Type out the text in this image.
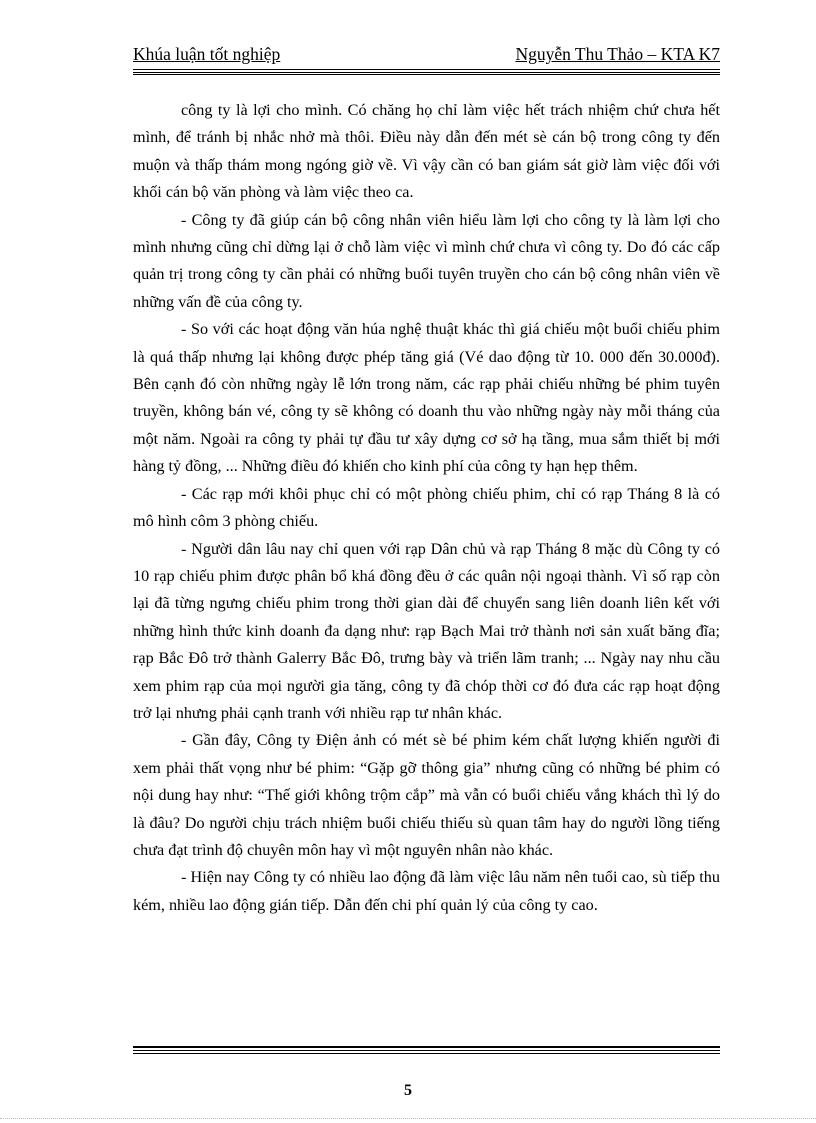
Khúa luận tốt nghiệp	Nguyễn Thu Thảo – KTA K7

công ty là lợi cho mình. Có chăng họ chỉ làm việc hết trách nhiệm chứ chưa hết mình, để tránh bị nhắc nhở mà thôi. Điều này dẫn đến mét sè cán bộ trong công ty đến muộn và thấp thám mong ngóng giờ về. Vì vậy cần có ban giám sát giờ làm việc đối với khối cán bộ văn phòng và làm việc theo ca.

- Công ty đã giúp cán bộ công nhân viên hiểu làm lợi cho công ty là làm lợi cho mình nhưng cũng chỉ dừng lại ở chỗ làm việc vì mình chứ chưa vì công ty. Do đó các cấp quản trị trong công ty cần phải có những buổi tuyên truyền cho cán bộ công nhân viên về những vấn đề của công ty.

- So với các hoạt động văn húa nghệ thuật khác thì giá chiếu một buổi chiếu phim là quá thấp nhưng lại không được phép tăng giá (Vé dao động từ 10. 000 đến 30.000đ). Bên cạnh đó còn những ngày lễ lớn trong năm, các rạp phải chiếu những bé phim tuyên truyền, không bán vé, công ty sẽ không có doanh thu vào những ngày này mỗi tháng của một năm. Ngoài ra công ty phải tự đầu tư xây dựng cơ sở hạ tầng, mua sắm thiết bị mới hàng tỷ đồng, ... Những điều đó khiến cho kinh phí của công ty hạn hẹp thêm.

- Các rạp mới khôi phục chỉ có một phòng chiếu phim, chỉ có rạp Tháng 8 là có mô hình côm 3 phòng chiếu.

- Người dân lâu nay chỉ quen với rạp Dân chủ và rạp Tháng 8 mặc dù Công ty có 10 rạp chiếu phim được phân bổ khá đồng đều ở các quân nội ngoại thành. Vì số rạp còn lại đã từng ngưng chiếu phim trong thời gian dài để chuyển sang liên doanh liên kết với những hình thức kinh doanh đa dạng như: rạp Bạch Mai trở thành nơi sản xuất băng đĩa; rạp Bắc Đô trở thành Galerry Bắc Đô, trưng bày và triển lãm tranh; ... Ngày nay nhu cầu xem phim rạp của mọi người gia tăng, công ty đã chóp thời cơ đó đưa các rạp hoạt động trở lại nhưng phải cạnh tranh với nhiều rạp tư nhân khác.

- Gần đây, Công ty Điện ảnh có mét sè bé phim kém chất lượng khiến người đi xem phải thất vọng như bé phim: “Gặp gỡ thông gia” nhưng cũng có những bé phim có nội dung hay như: “Thế giới không trộm cắp” mà vẫn có buổi chiếu vắng khách thì lý do là đâu? Do người chịu trách nhiệm buổi chiếu thiếu sù quan tâm hay do người lồng tiếng chưa đạt trình độ chuyên môn hay vì một nguyên nhân nào khác.

- Hiện nay Công ty có nhiều lao động đã làm việc lâu năm nên tuổi cao, sù tiếp thu kém, nhiều lao động gián tiếp. Dẫn đến chi phí quản lý của công ty cao.

5
